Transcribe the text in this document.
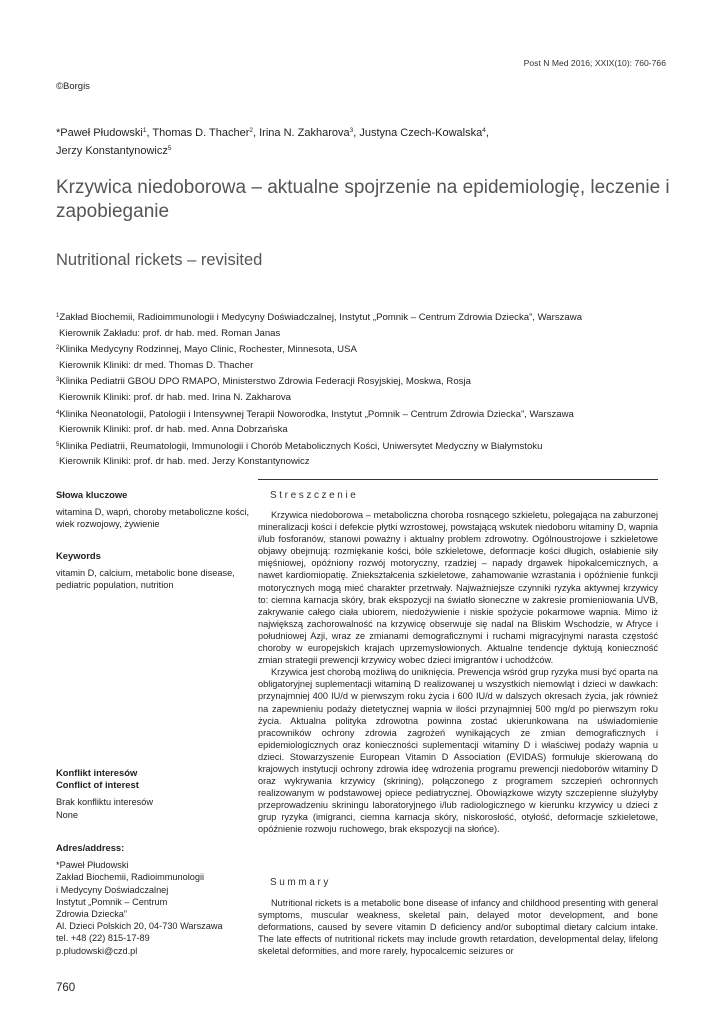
Post N Med 2016; XXIX(10): 760-766
©Borgis
*Paweł Płudowski$^1$, Thomas D. Thacher$^2$, Irina N. Zakharova$^3$, Justyna Czech-Kowalska$^4$,
Jerzy Konstantynowicz$^5$
Krzywica niedoborowa – aktualne spojrzenie na epidemiologię, leczenie i zapobieganie
Nutritional rickets – revisited
$^1$Zakład Biochemii, Radioimmunologii i Medycyny Doświadczalnej, Instytut „Pomnik – Centrum Zdrowia Dziecka”, Warszawa
Kierownik Zakładu: prof. dr hab. med. Roman Janas
$^2$Klinika Medycyny Rodzinnej, Mayo Clinic, Rochester, Minnesota, USA
Kierownik Kliniki: dr med. Thomas D. Thacher
$^3$Klinika Pediatrii GBOU DPO RMAPO, Ministerstwo Zdrowia Federacji Rosyjskiej, Moskwa, Rosja
Kierownik Kliniki: prof. dr hab. med. Irina N. Zakharova
$^4$Klinika Neonatologii, Patologii i Intensywnej Terapii Noworodka, Instytut „Pomnik – Centrum Zdrowia Dziecka”, Warszawa
Kierownik Kliniki: prof. dr hab. med. Anna Dobrzańska
$^5$Klinika Pediatrii, Reumatologii, Immunologii i Chorób Metabolicznych Kości, Uniwersytet Medyczny w Białymstoku
Kierownik Kliniki: prof. dr hab. med. Jerzy Konstantynowicz
Słowa kluczowe
witamina D, wapń, choroby metaboliczne kości, wiek rozwojowy, żywienie
Keywords
vitamin D, calcium, metabolic bone disease, pediatric population, nutrition
Konflikt interesów
Conflict of interest
Brak konfliktu interesów
None
Adres/address:
*Paweł Płudowski
Zakład Biochemii, Radioimmunologii
i Medycyny Doświadczalnej
Instytut „Pomnik – Centrum
Zdrowia Dziecka”
Al. Dzieci Polskich 20, 04-730 Warszawa
tel. +48 (22) 815-17-89
p.pludowski@czd.pl
Streszczenie

Krzywica niedoborowa – metaboliczna choroba rosnącego szkieletu, polegająca na zaburzonej mineralizacji kości i defekcie płytki wzrostowej, powstającą wskutek niedoboru witaminy D, wapnia i/lub fosforanów, stanowi poważny i aktualny problem zdrowotny. Ogólnoustrojowe i szkieletowe objawy obejmują: rozmiękanie kości, bóle szkieletowe, deformacje kości długich, osłabienie siły mięśniowej, opóźniony rozwój motoryczny, rzadziej – napady drgawek hipokalcemicznych, a nawet kardiomiopatię. Zniekształcenia szkieletowe, zahamowanie wzrastania i opóźnienie funkcji motorycznych mogą mieć charakter przetrwały. Najważniejsze czynniki ryzyka aktywnej krzywicy to: ciemna karnacja skóry, brak ekspozycji na światło słoneczne w zakresie promieniowania UVB, zakrywanie całego ciała ubiorem, niedożywienie i niskie spożycie pokarmowe wapnia. Mimo iż największą zachorowalność na krzywicę obserwuje się nadal na Bliskim Wschodzie, w Afryce i południowej Azji, wraz ze zmianami demograficznymi i ruchami migracyjnymi narasta częstość choroby w europejskich krajach uprzemysłowionych. Aktualne tendencje dyktują konieczność zmian strategii prewencji krzywicy wobec dzieci imigrantów i uchodźców.

Krzywica jest chorobą możliwą do uniknięcia. Prewencja wśród grup ryzyka musi być oparta na obligatoryjnej suplementacji witaminą D realizowanej u wszystkich niemowląt i dzieci w dawkach: przynajmniej 400 IU/d w pierwszym roku życia i 600 IU/d w dalszych okresach życia, jak również na zapewnieniu podaży dietetycznej wapnia w ilości przynajmniej 500 mg/d po pierwszym roku życia. Aktualna polityka zdrowotna powinna zostać ukierunkowana na uświadomienie pracowników ochrony zdrowia zagrożeń wynikających ze zmian demograficznych i epidemiologicznych oraz konieczności suplementacji witaminy D i właściwej podaży wapnia u dzieci. Stowarzyszenie European Vitamin D Association (EVIDAS) formułuje skierowaną do krajowych instytucji ochrony zdrowia ideę wdrożenia programu prewencji niedoborów witaminy D oraz wykrywania krzywicy (skrining), połączonego z programem szczepień ochronnych realizowanym w podstawowej opiece pediatrycznej. Obowiązkowe wizyty szczepienne służyłyby przeprowadzeniu skriningu laboratoryjnego i/lub radiologicznego w kierunku krzywicy u dzieci z grup ryzyka (imigranci, ciemna karnacja skóry, niskorosłość, otyłość, deformacje szkieletowe, opóźnienie rozwoju ruchowego, brak ekspozycji na słońce).

Summary

Nutritional rickets is a metabolic bone disease of infancy and childhood presenting with general symptoms, muscular weakness, skeletal pain, delayed motor development, and bone deformations, caused by severe vitamin D deficiency and/or suboptimal dietary calcium intake. The late effects of nutritional rickets may include growth retardation, developmental delay, lifelong skeletal deformities, and more rarely, hypocalcemic seizures or

760
